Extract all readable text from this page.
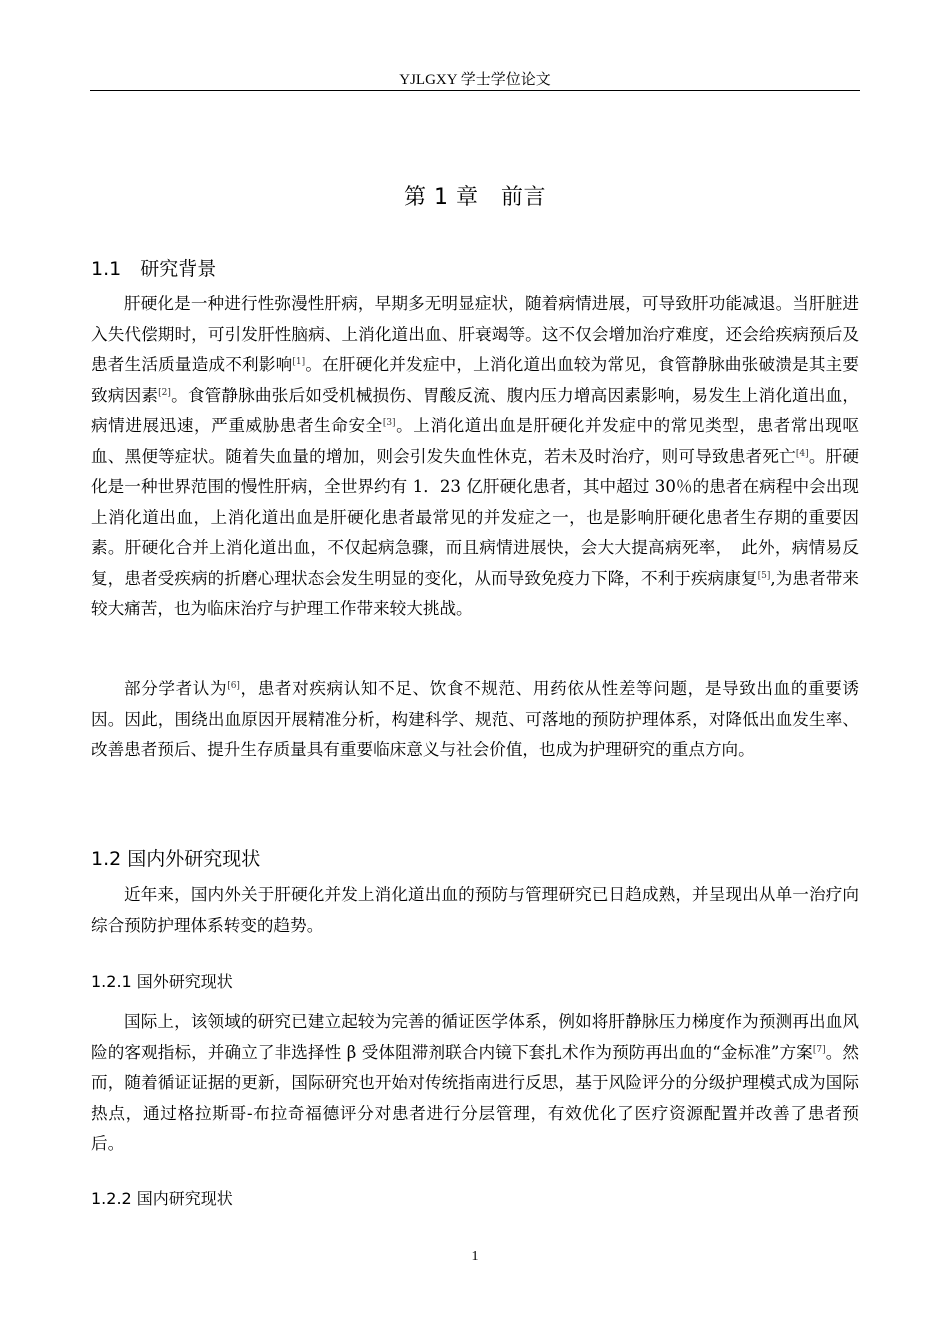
YJLGXY 学士学位论文
第 1 章　前言
1.1　研究背景

肝硬化是一种进行性弥漫性肝病，早期多无明显症状，随着病情进展，可导致肝功能减退。当肝脏进入失代偿期时，可引发肝性脑病、上消化道出血、肝衰竭等。这不仅会增加治疗难度，还会给疾病预后及患者生活质量造成不利影响[1]。在肝硬化并发症中，上消化道出血较为常见，食管静脉曲张破溃是其主要致病因素[2]。食管静脉曲张后如受机械损伤、胃酸反流、腹内压力增高因素影响，易发生上消化道出血，病情进展迅速，严重威胁患者生命安全[3]。上消化道出血是肝硬化并发症中的常见类型，患者常出现呕血、黑便等症状。随着失血量的增加，则会引发失血性休克，若未及时治疗，则可导致患者死亡[4]。肝硬化是一种世界范围的慢性肝病，全世界约有 1．23 亿肝硬化患者，其中超过 30％的患者在病程中会出现上消化道出血，上消化道出血是肝硬化患者最常见的并发症之一，也是影响肝硬化患者生存期的重要因素。肝硬化合并上消化道出血，不仅起病急骤，而且病情进展快，会大大提高病死率，　此外，病情易反复，患者受疾病的折磨心理状态会发生明显的变化，从而导致免疫力下降，不利于疾病康复[5],为患者带来较大痛苦，也为临床治疗与护理工作带来较大挑战。

部分学者认为[6]，患者对疾病认知不足、饮食不规范、用药依从性差等问题，是导致出血的重要诱因。因此，围绕出血原因开展精准分析，构建科学、规范、可落地的预防护理体系，对降低出血发生率、改善患者预后、提升生存质量具有重要临床意义与社会价值，也成为护理研究的重点方向。

1.2 国内外研究现状

近年来，国内外关于肝硬化并发上消化道出血的预防与管理研究已日趋成熟，并呈现出从单一治疗向综合预防护理体系转变的趋势。

1.2.1 国外研究现状

国际上，该领域的研究已建立起较为完善的循证医学体系，例如将肝静脉压力梯度作为预测再出血风险的客观指标，并确立了非选择性 β 受体阻滞剂联合内镜下套扎术作为预防再出血的“金标准”方案[7]。然而，随着循证证据的更新，国际研究也开始对传统指南进行反思，基于风险评分的分级护理模式成为国际热点，通过格拉斯哥-布拉奇福德评分对患者进行分层管理，有效优化了医疗资源配置并改善了患者预后。

1.2.2 国内研究现状
1
